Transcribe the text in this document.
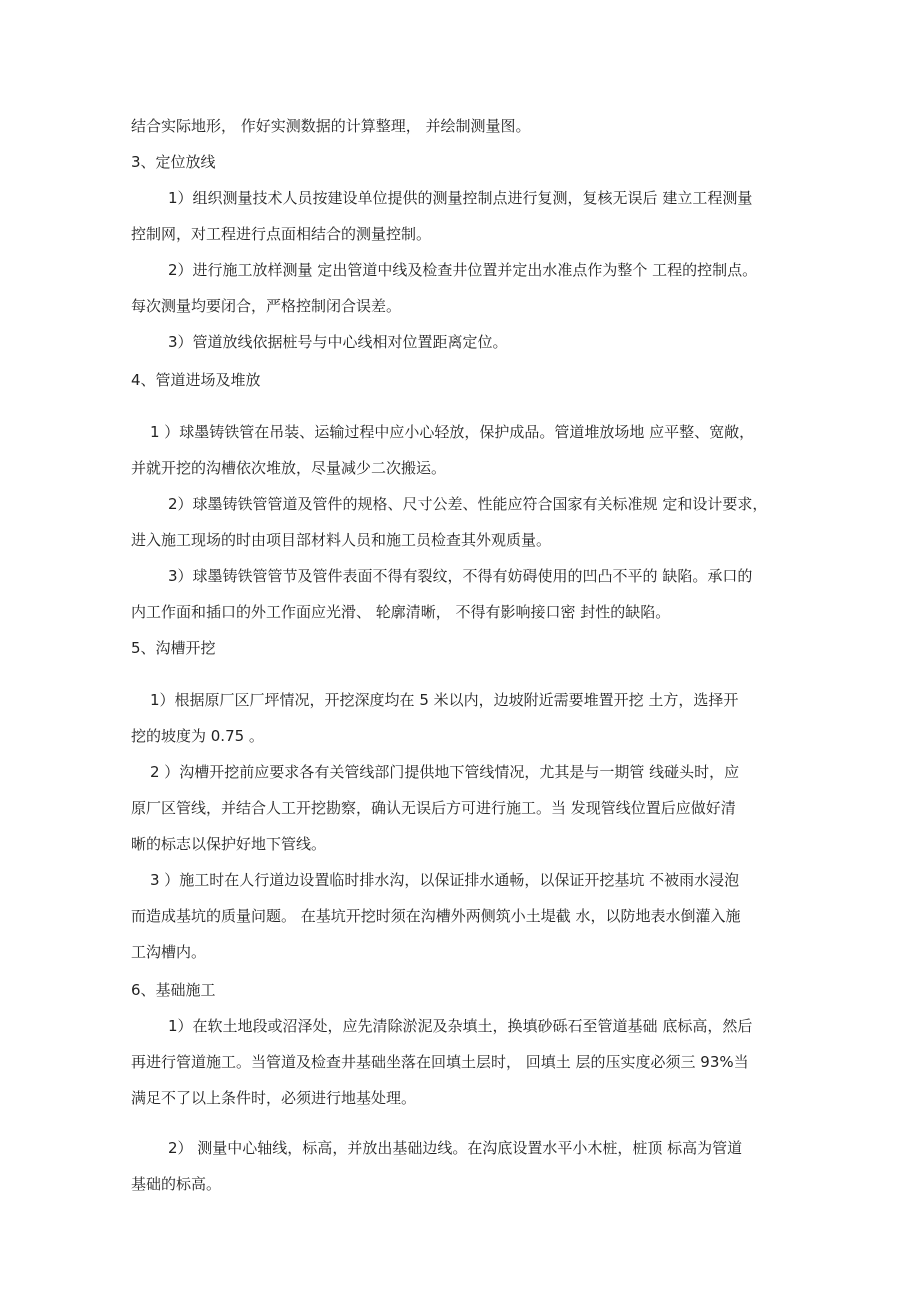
结合实际地形， 作好实测数据的计算整理， 并绘制测量图。
3、定位放线
1）组织测量技术人员按建设单位提供的测量控制点进行复测，复核无误后 建立工程测量
控制网，对工程进行点面相结合的测量控制。
2）进行施工放样测量 定出管道中线及检查井位置并定出水准点作为整个 工程的控制点。
每次测量均要闭合，严格控制闭合误差。
3）管道放线依据桩号与中心线相对位置距离定位。
4、管道进场及堆放
1 ）球墨铸铁管在吊装、运输过程中应小心轻放，保护成品。管道堆放场地 应平整、宽敞，
并就开挖的沟槽依次堆放，尽量减少二次搬运。
2）球墨铸铁管管道及管件的规格、尺寸公差、性能应符合国家有关标准规 定和设计要求，
进入施工现场的时由项目部材料人员和施工员检查其外观质量。
3）球墨铸铁管管节及管件表面不得有裂纹，不得有妨碍使用的凹凸不平的 缺陷。承口的
内工作面和插口的外工作面应光滑、 轮廓清晰， 不得有影响接口密 封性的缺陷。
5、沟槽开挖
1）根据原厂区厂坪情况，开挖深度均在 5 米以内，边坡附近需要堆置开挖 土方，选择开
挖的坡度为 0.75 。
2 ）沟槽开挖前应要求各有关管线部门提供地下管线情况，尤其是与一期管 线碰头时，应
原厂区管线，并结合人工开挖勘察，确认无误后方可进行施工。当 发现管线位置后应做好清
晰的标志以保护好地下管线。
3 ）施工时在人行道边设置临时排水沟，以保证排水通畅，以保证开挖基坑 不被雨水浸泡
而造成基坑的质量问题。 在基坑开挖时须在沟槽外两侧筑小土堤截 水，以防地表水倒灌入施
工沟槽内。
6、基础施工
1）在软土地段或沼泽处，应先清除淤泥及杂填土，换填砂砾石至管道基础 底标高，然后
再进行管道施工。当管道及检查井基础坐落在回填土层时， 回填土 层的压实度必须三 93%当
满足不了以上条件时，必须进行地基处理。
2） 测量中心轴线，标高，并放出基础边线。在沟底设置水平小木桩，桩顶 标高为管道
基础的标高。
